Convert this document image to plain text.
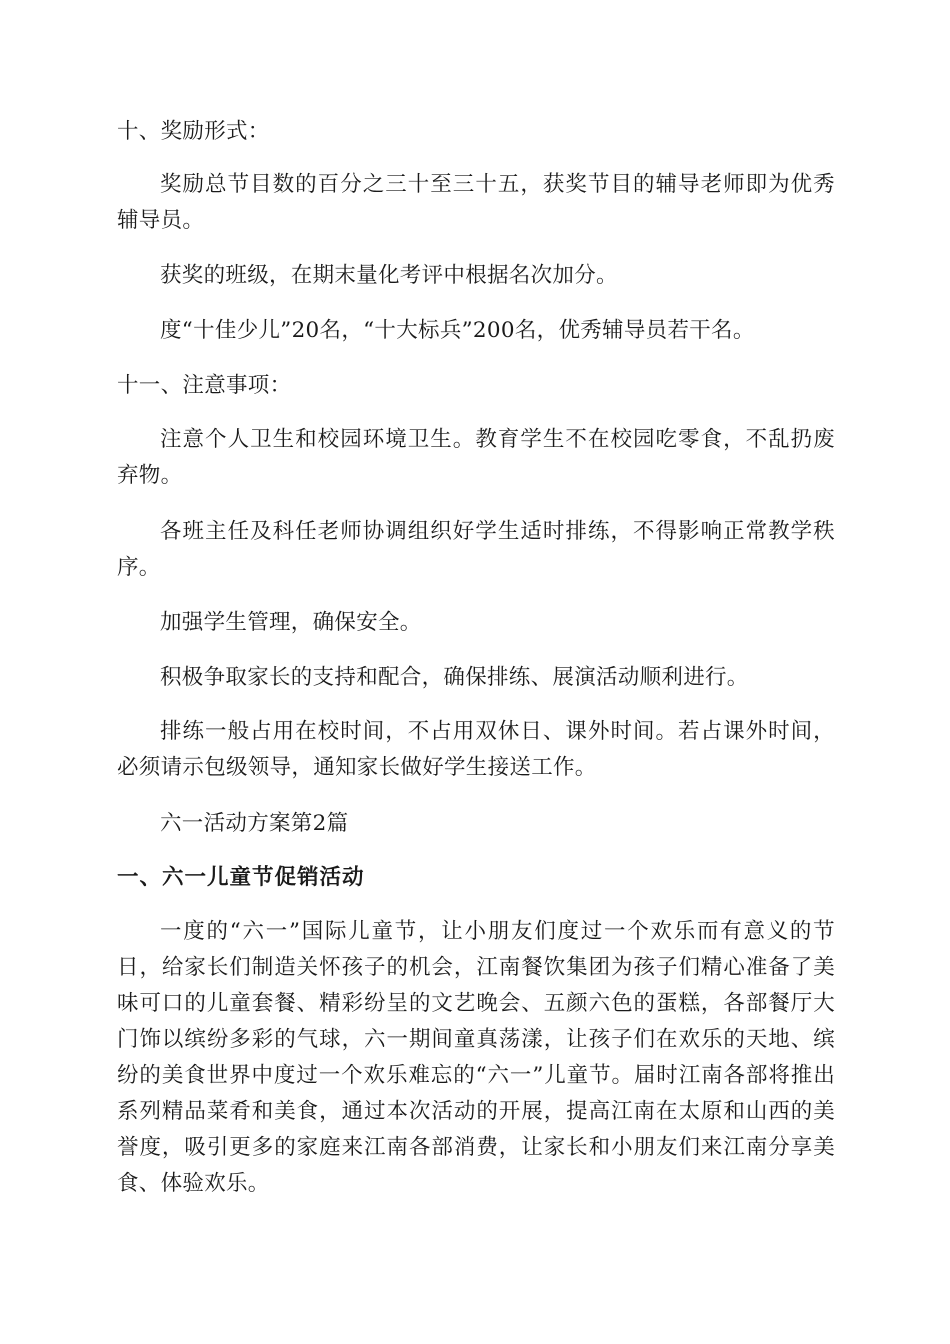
十、奖励形式：

奖励总节目数的百分之三十至三十五，获奖节目的辅导老师即为优秀辅导员。

获奖的班级，在期末量化考评中根据名次加分。

度“十佳少儿”20名，“十大标兵”200名，优秀辅导员若干名。

十一、注意事项：

注意个人卫生和校园环境卫生。教育学生不在校园吃零食，不乱扔废弃物。

各班主任及科任老师协调组织好学生适时排练，不得影响正常教学秩序。

加强学生管理，确保安全。

积极争取家长的支持和配合，确保排练、展演活动顺利进行。

排练一般占用在校时间，不占用双休日、课外时间。若占课外时间，必须请示包级领导，通知家长做好学生接送工作。

六一活动方案第2篇

一、六一儿童节促销活动

一度的“六一”国际儿童节，让小朋友们度过一个欢乐而有意义的节日，给家长们制造关怀孩子的机会，江南餐饮集团为孩子们精心准备了美味可口的儿童套餐、精彩纷呈的文艺晚会、五颜六色的蛋糕，各部餐厅大门饰以缤纷多彩的气球，六一期间童真荡漾，让孩子们在欢乐的天地、缤纷的美食世界中度过一个欢乐难忘的“六一”儿童节。届时江南各部将推出系列精品菜肴和美食，通过本次活动的开展，提高江南在太原和山西的美誉度，吸引更多的家庭来江南各部消费，让家长和小朋友们来江南分享美食、体验欢乐。
